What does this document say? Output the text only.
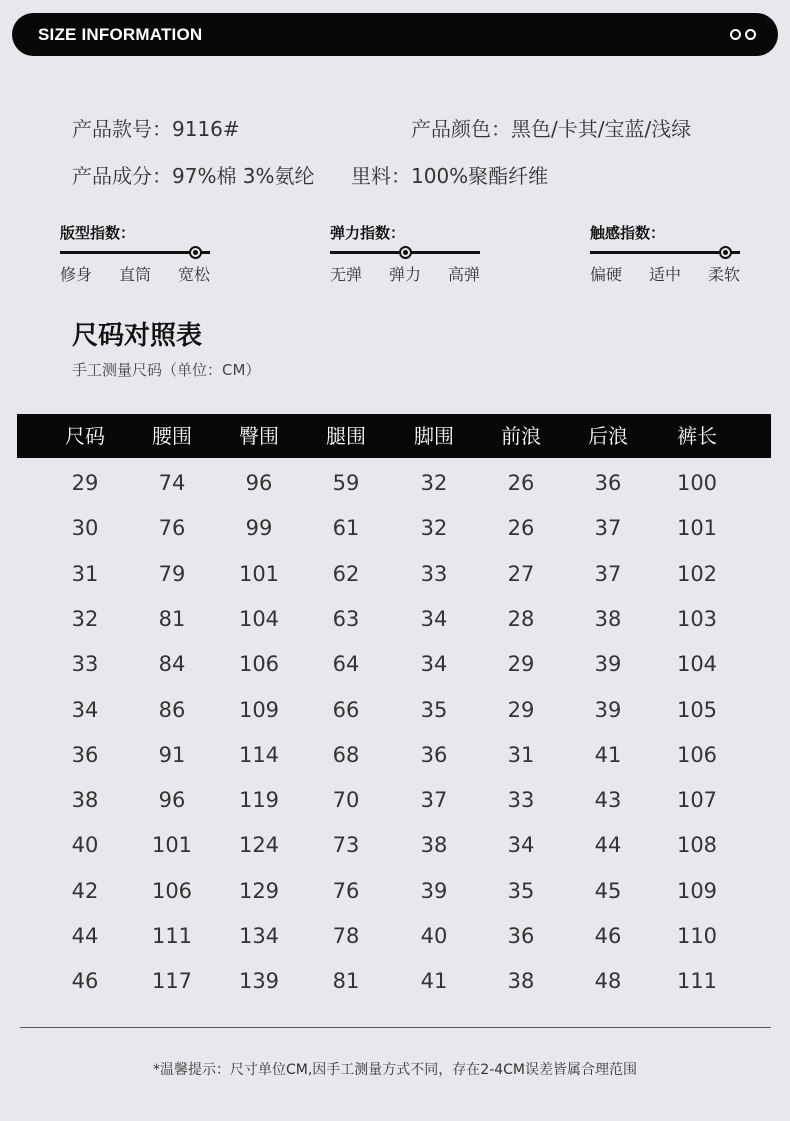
SIZE INFORMATION
产品款号：9116#	产品颜色：黑色/卡其/宝蓝/浅绿
产品成分：97%棉 3%氨纶 里料：100%聚酯纤维
版型指数：
修身 直筒 宽松
弹力指数：
无弹 弹力 高弹
触感指数：
偏硬 适中 柔软
尺码对照表
手工测量尺码（单位：CM）
尺码	腰围	臀围	腿围	脚围	前浪	后浪	裤长
29	74	96	59	32	26	36	100
30	76	99	61	32	26	37	101
31	79	101	62	33	27	37	102
32	81	104	63	34	28	38	103
33	84	106	64	34	29	39	104
34	86	109	66	35	29	39	105
36	91	114	68	36	31	41	106
38	96	119	70	37	33	43	107
40	101	124	73	38	34	44	108
42	106	129	76	39	35	45	109
44	111	134	78	40	36	46	110
46	117	139	81	41	38	48	111
*温馨提示：尺寸单位CM,因手工测量方式不同，存在2-4CM误差皆属合理范围
